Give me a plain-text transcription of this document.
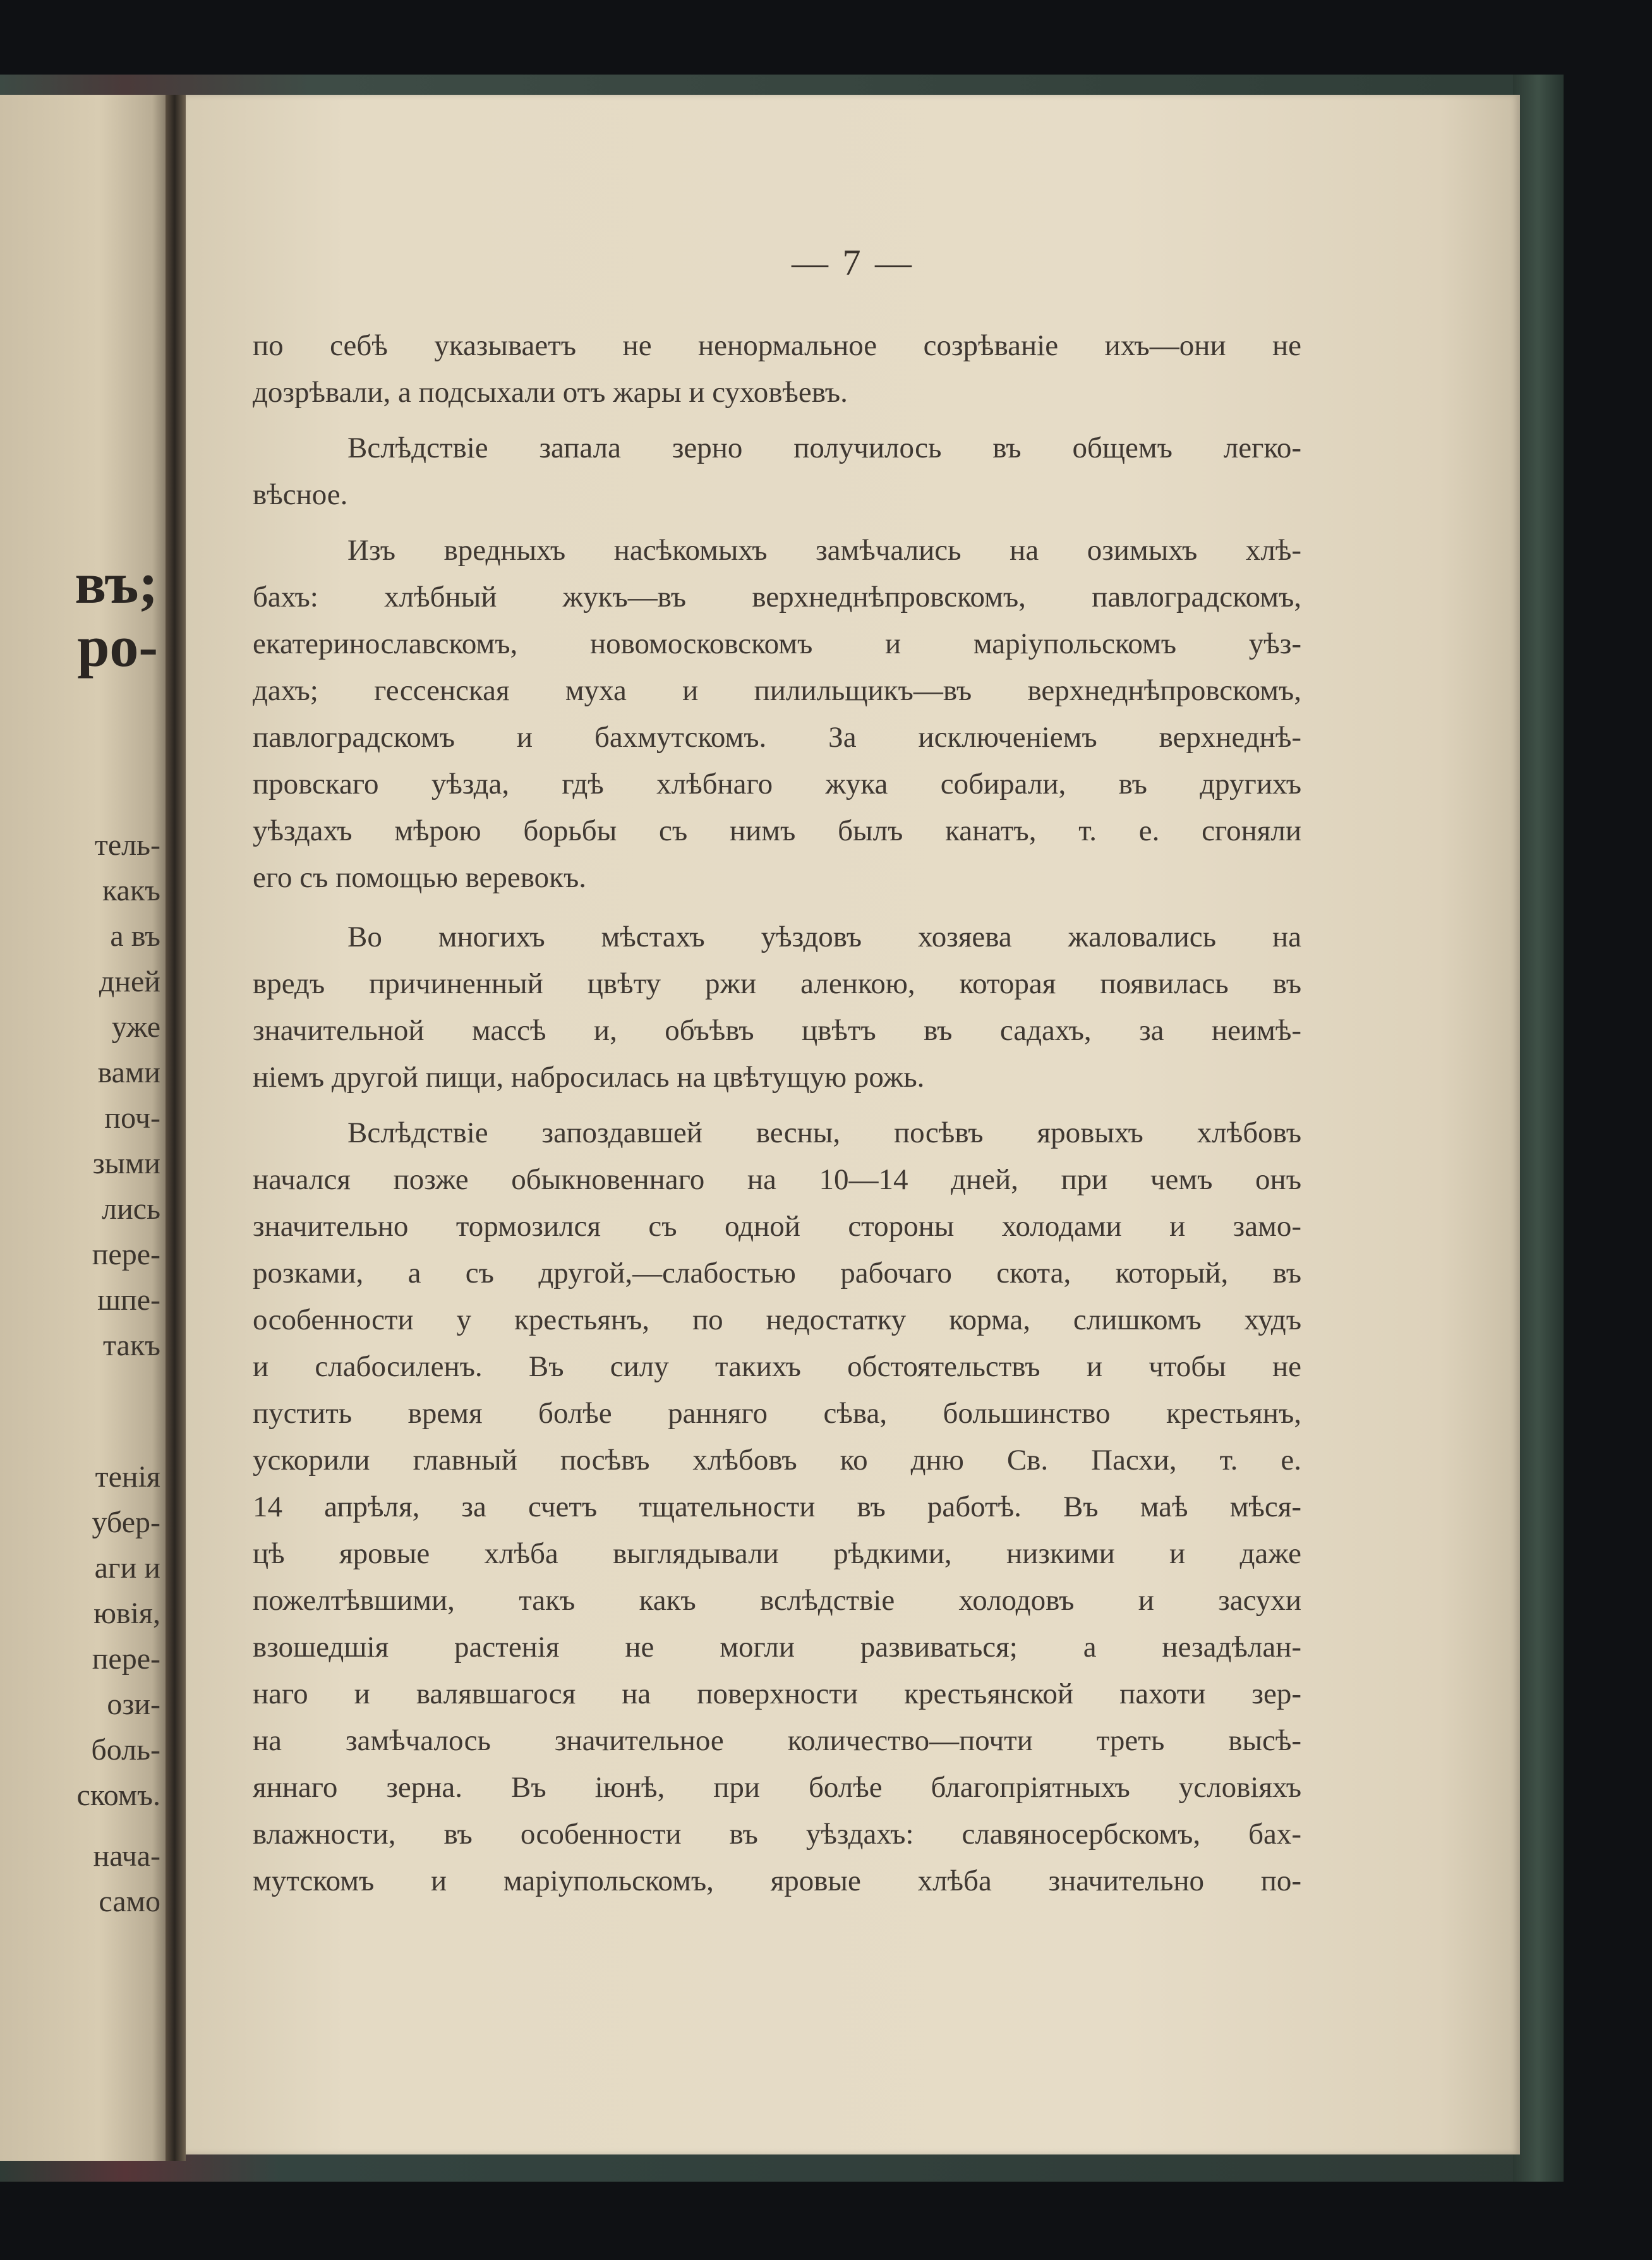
въ;
ро-
тель-
какъ
а въ
дней
уже
вами
поч-
зыми
лись
пере-
шпе-
такъ
тенія
убер-
аги и
ювія,
пере-
ози-
боль-
скомъ.
нача-
само
— 7 —
по себѣ указываетъ не ненормальное созрѣваніе ихъ—они не
дозрѣвали, а подсыхали отъ жары и суховѣевъ.
Вслѣдствіе запала зерно получилось въ общемъ легко-
вѣсное.
Изъ вредныхъ насѣкомыхъ замѣчались на озимыхъ хлѣ-
бахъ: хлѣбный жукъ—въ верхнеднѣпровскомъ, павлоградскомъ,
екатеринославскомъ, новомосковскомъ и маріупольскомъ уѣз-
дахъ; гессенская муха и пилильщикъ—въ верхнеднѣпровскомъ,
павлоградскомъ и бахмутскомъ. За исключеніемъ верхнеднѣ-
провскаго уѣзда, гдѣ хлѣбнаго жука собирали, въ другихъ
уѣздахъ мѣрою борьбы съ нимъ былъ канатъ, т. е. сгоняли
его съ помощью веревокъ.
Во многихъ мѣстахъ уѣздовъ хозяева жаловались на
вредъ причиненный цвѣту ржи аленкою, которая появилась въ
значительной массѣ и, объѣвъ цвѣтъ въ садахъ, за неимѣ-
ніемъ другой пищи, набросилась на цвѣтущую рожь.
Вслѣдствіе запоздавшей весны, посѣвъ яровыхъ хлѣбовъ
начался позже обыкновеннаго на 10—14 дней, при чемъ онъ
значительно тормозился съ одной стороны холодами и замо-
розками, а съ другой,—слабостью рабочаго скота, который, въ
особенности у крестьянъ, по недостатку корма, слишкомъ худъ
и слабосиленъ. Въ силу такихъ обстоятельствъ и чтобы не
пустить время болѣе ранняго сѣва, большинство крестьянъ,
ускорили главный посѣвъ хлѣбовъ ко дню Св. Пасхи, т. е.
14 апрѣля, за счетъ тщательности въ работѣ. Въ маѣ мѣся-
цѣ яровые хлѣба выглядывали рѣдкими, низкими и даже
пожелтѣвшими, такъ какъ вслѣдствіе холодовъ и засухи
взошедшія растенія не могли развиваться; а незадѣлан-
наго и валявшагося на поверхности крестьянской пахоти зер-
на замѣчалось значительное количество—почти треть высѣ-
яннаго зерна. Въ іюнѣ, при болѣе благопріятныхъ условіяхъ
влажности, въ особенности въ уѣздахъ: славяносербскомъ, бах-
мутскомъ и маріупольскомъ, яровые хлѣба значительно по-
